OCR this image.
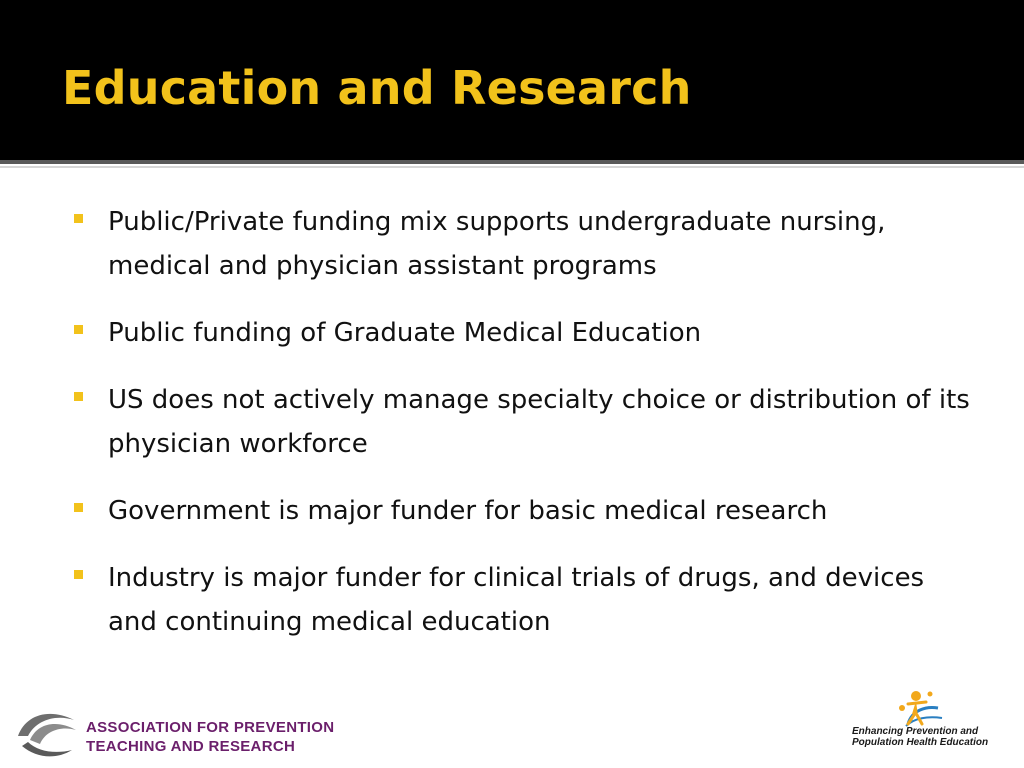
Education and Research
Public/Private funding mix supports undergraduate nursing, medical and physician assistant programs
Public funding of Graduate Medical Education
US does not actively manage specialty choice or distribution of its physician workforce
Government is major funder for basic medical research
Industry is major funder for clinical trials of drugs, and devices and continuing medical education
ASSOCIATION FOR PREVENTION
TEACHING AND RESEARCH
Enhancing Prevention and
Population Health Education
